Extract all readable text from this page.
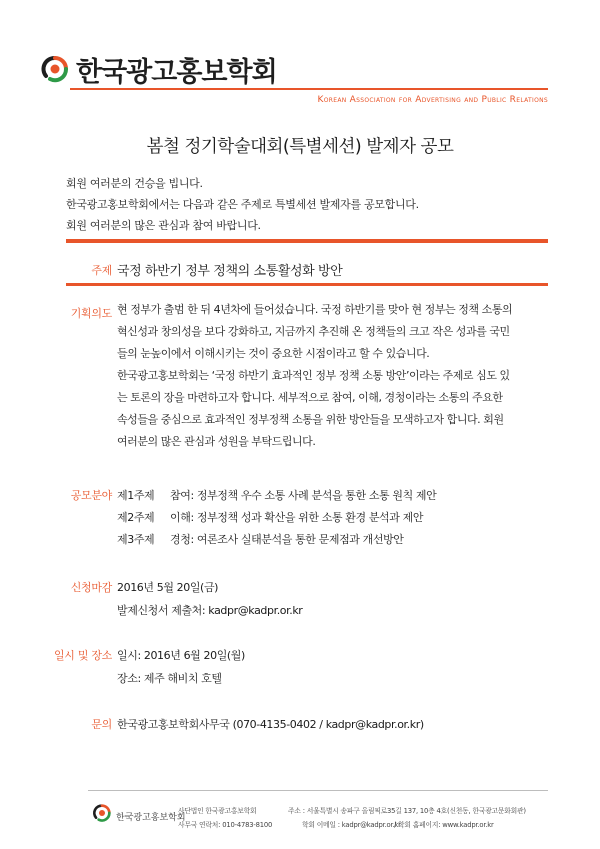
한국광고홍보학회
Korean Association for Advertising and Public Relations
봄철 정기학술대회(특별세션) 발제자 공모
회원 여러분의 건승을 빕니다.
한국광고홍보학회에서는 다음과 같은 주제로 특별세션 발제자를 공모합니다.
회원 여러분의 많은 관심과 참여 바랍니다.
주제 국정 하반기 정부 정책의 소통활성화 방안
기획의도 현 정부가 출범 한 뒤 4년차에 들어섰습니다. 국정 하반기를 맞아 현 정부는 정책 소통의

혁신성과 창의성을 보다 강화하고, 지금까지 추진해 온 정책들의 크고 작은 성과를 국민

들의 눈높이에서 이해시키는 것이 중요한 시점이라고 할 수 있습니다.

한국광고홍보학회는 ‘국정 하반기 효과적인 정부 정책 소통 방안’이라는 주제로 심도 있

는 토론의 장을 마련하고자 합니다. 세부적으로 참여, 이해, 경청이라는 소통의 주요한

속성들을 중심으로 효과적인 정부정책 소통을 위한 방안들을 모색하고자 합니다. 회원

여러분의 많은 관심과 성원을 부탁드립니다.

공모분야 제1주제 참여: 정부정책 우수 소통 사례 분석을 통한 소통 원칙 제안
제2주제 이해: 정부정책 성과 확산을 위한 소통 환경 분석과 제안
제3주제 경청: 여론조사 실태분석을 통한 문제점과 개선방안
신청마감 2016년 5월 20일(금)
발제신청서 제출처: kadpr@kadpr.or.kr
일시 및 장소 일시: 2016년 6월 20일(월)
장소: 제주 해비치 호텔
문의 한국광고홍보학회사무국 (070-4135-0402 / kadpr@kadpr.or.kr)
한국광고홍보학회
사단법인 한국광고홍보학회	주소 : 서울특별시 송파구 올림픽로35길 137, 10층 4호(신천동, 한국광고문화회관)
사무국 연락처: 010-4783-8100	학회 이메일 : kadpr@kadpr.or.kr
/ 학회 홈페이지: www.kadpr.or.kr
